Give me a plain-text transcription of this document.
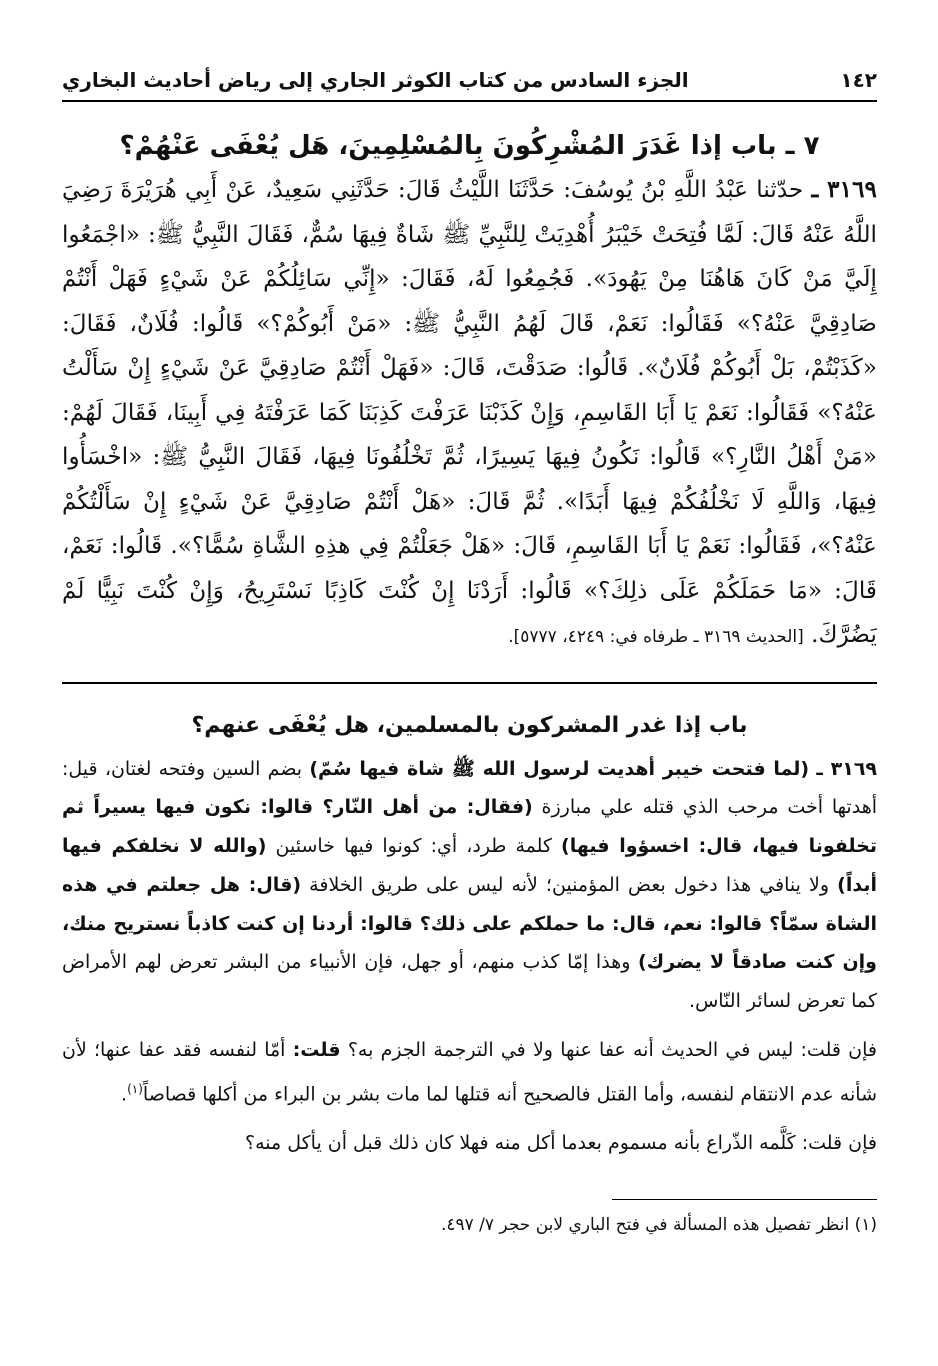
١٤٢
الجزء السادس من كتاب الكوثر الجاري إلى رياض أحاديث البخاري
٧ ـ باب إذا غَدَرَ المُشْرِكُونَ بِالمُسْلِمِينَ، هَل يُعْفَى عَنْهُمْ؟

٣١٦٩ ـ حدّثنا عَبْدُ اللَّهِ بْنُ يُوسُفَ: حَدَّثَنَا اللَّيْثُ قَالَ: حَدَّثَنِي سَعِيدٌ، عَنْ أَبِي هُرَيْرَةَ رَضِيَ اللَّهُ عَنْهُ قَالَ: لَمَّا فُتِحَتْ خَيْبَرُ أُهْدِيَتْ لِلنَّبِيِّ ﷺ شَاةٌ فِيهَا سُمٌّ، فَقَالَ النَّبِيُّ ﷺ: «اجْمَعُوا إِلَيَّ مَنْ كَانَ هَاهُنَا مِنْ يَهُودَ». فَجُمِعُوا لَهُ، فَقَالَ: «إِنِّي سَائِلُكُمْ عَنْ شَيْءٍ فَهَلْ أَنْتُمْ صَادِقِيَّ عَنْهُ؟» فَقَالُوا: نَعَمْ، قَالَ لَهُمُ النَّبِيُّ ﷺ: «مَنْ أَبُوكُمْ؟» قَالُوا: فُلَانٌ، فَقَالَ: «كَذَبْتُمْ، بَلْ أَبُوكُمْ فُلَانٌ». قَالُوا: صَدَقْتَ، قَالَ: «فَهَلْ أَنْتُمْ صَادِقِيَّ عَنْ شَيْءٍ إِنْ سَأَلْتُ عَنْهُ؟» فَقَالُوا: نَعَمْ يَا أَبَا القَاسِمِ، وَإِنْ كَذَبْنَا عَرَفْتَ كَذِبَنَا كَمَا عَرَفْتَهُ فِي أَبِينَا، فَقَالَ لَهُمْ: «مَنْ أَهْلُ النَّارِ؟» قَالُوا: نَكُونُ فِيهَا يَسِيرًا، ثُمَّ تَخْلُفُونَا فِيهَا، فَقَالَ النَّبِيُّ ﷺ: «اخْسَأُوا فِيهَا، وَاللَّهِ لَا نَخْلُفُكُمْ فِيهَا أَبَدًا». ثُمَّ قَالَ: «هَلْ أَنْتُمْ صَادِقِيَّ عَنْ شَيْءٍ إِنْ سَأَلْتُكُمْ عَنْهُ؟»، فَقَالُوا: نَعَمْ يَا أَبَا القَاسِمِ، قَالَ: «هَلْ جَعَلْتُمْ فِي هذِهِ الشَّاةِ سُمًّا؟». قَالُوا: نَعَمْ، قَالَ: «مَا حَمَلَكُمْ عَلَى ذلِكَ؟» قَالُوا: أَرَدْنَا إِنْ كُنْتَ كَاذِبًا نَسْتَرِيحُ، وَإِنْ كُنْتَ نَبِيًّا لَمْ يَضُرَّكَ. [الحديث ٣١٦٩ ـ طرفاه في: ٤٢٤٩، ٥٧٧٧].

باب إذا غدر المشركون بالمسلمين، هل يُعْفَى عنهم؟

٣١٦٩ ـ (لما فتحت خيبر أهديت لرسول الله ﷺ شاة فيها سُمّ) بضم السين وفتحه لغتان، قيل: أهدتها أخت مرحب الذي قتله علي مبارزة (فقال: من أهل النّار؟ قالوا: نكون فيها يسيراً ثم تخلفونا فيها، قال: اخسؤوا فيها) كلمة طرد، أي: كونوا فيها خاسئين (والله لا نخلفكم فيها أبداً) ولا ينافي هذا دخول بعض المؤمنين؛ لأنه ليس على طريق الخلافة (قال: هل جعلتم في هذه الشاة سمّاً؟ قالوا: نعم، قال: ما حملكم على ذلك؟ قالوا: أردنا إن كنت كاذباً نستريح منك، وإن كنت صادقاً لا يضرك) وهذا إمّا كذب منهم، أو جهل، فإن الأنبياء من البشر تعرض لهم الأمراض كما تعرض لسائر النّاس.

فإن قلت: ليس في الحديث أنه عفا عنها ولا في الترجمة الجزم به؟ قلت: أمّا لنفسه فقد عفا عنها؛ لأن شأنه عدم الانتقام لنفسه، وأما القتل فالصحيح أنه قتلها لما مات بشر بن البراء من أكلها قصاصاً$^{(١)}$.

فإن قلت: كَلَّمه الذّراع بأنه مسموم بعدما أكل منه فهلا كان ذلك قبل أن يأكل منه؟

(١) انظر تفصيل هذه المسألة في فتح الباري لابن حجر ٧/ ٤٩٧.
